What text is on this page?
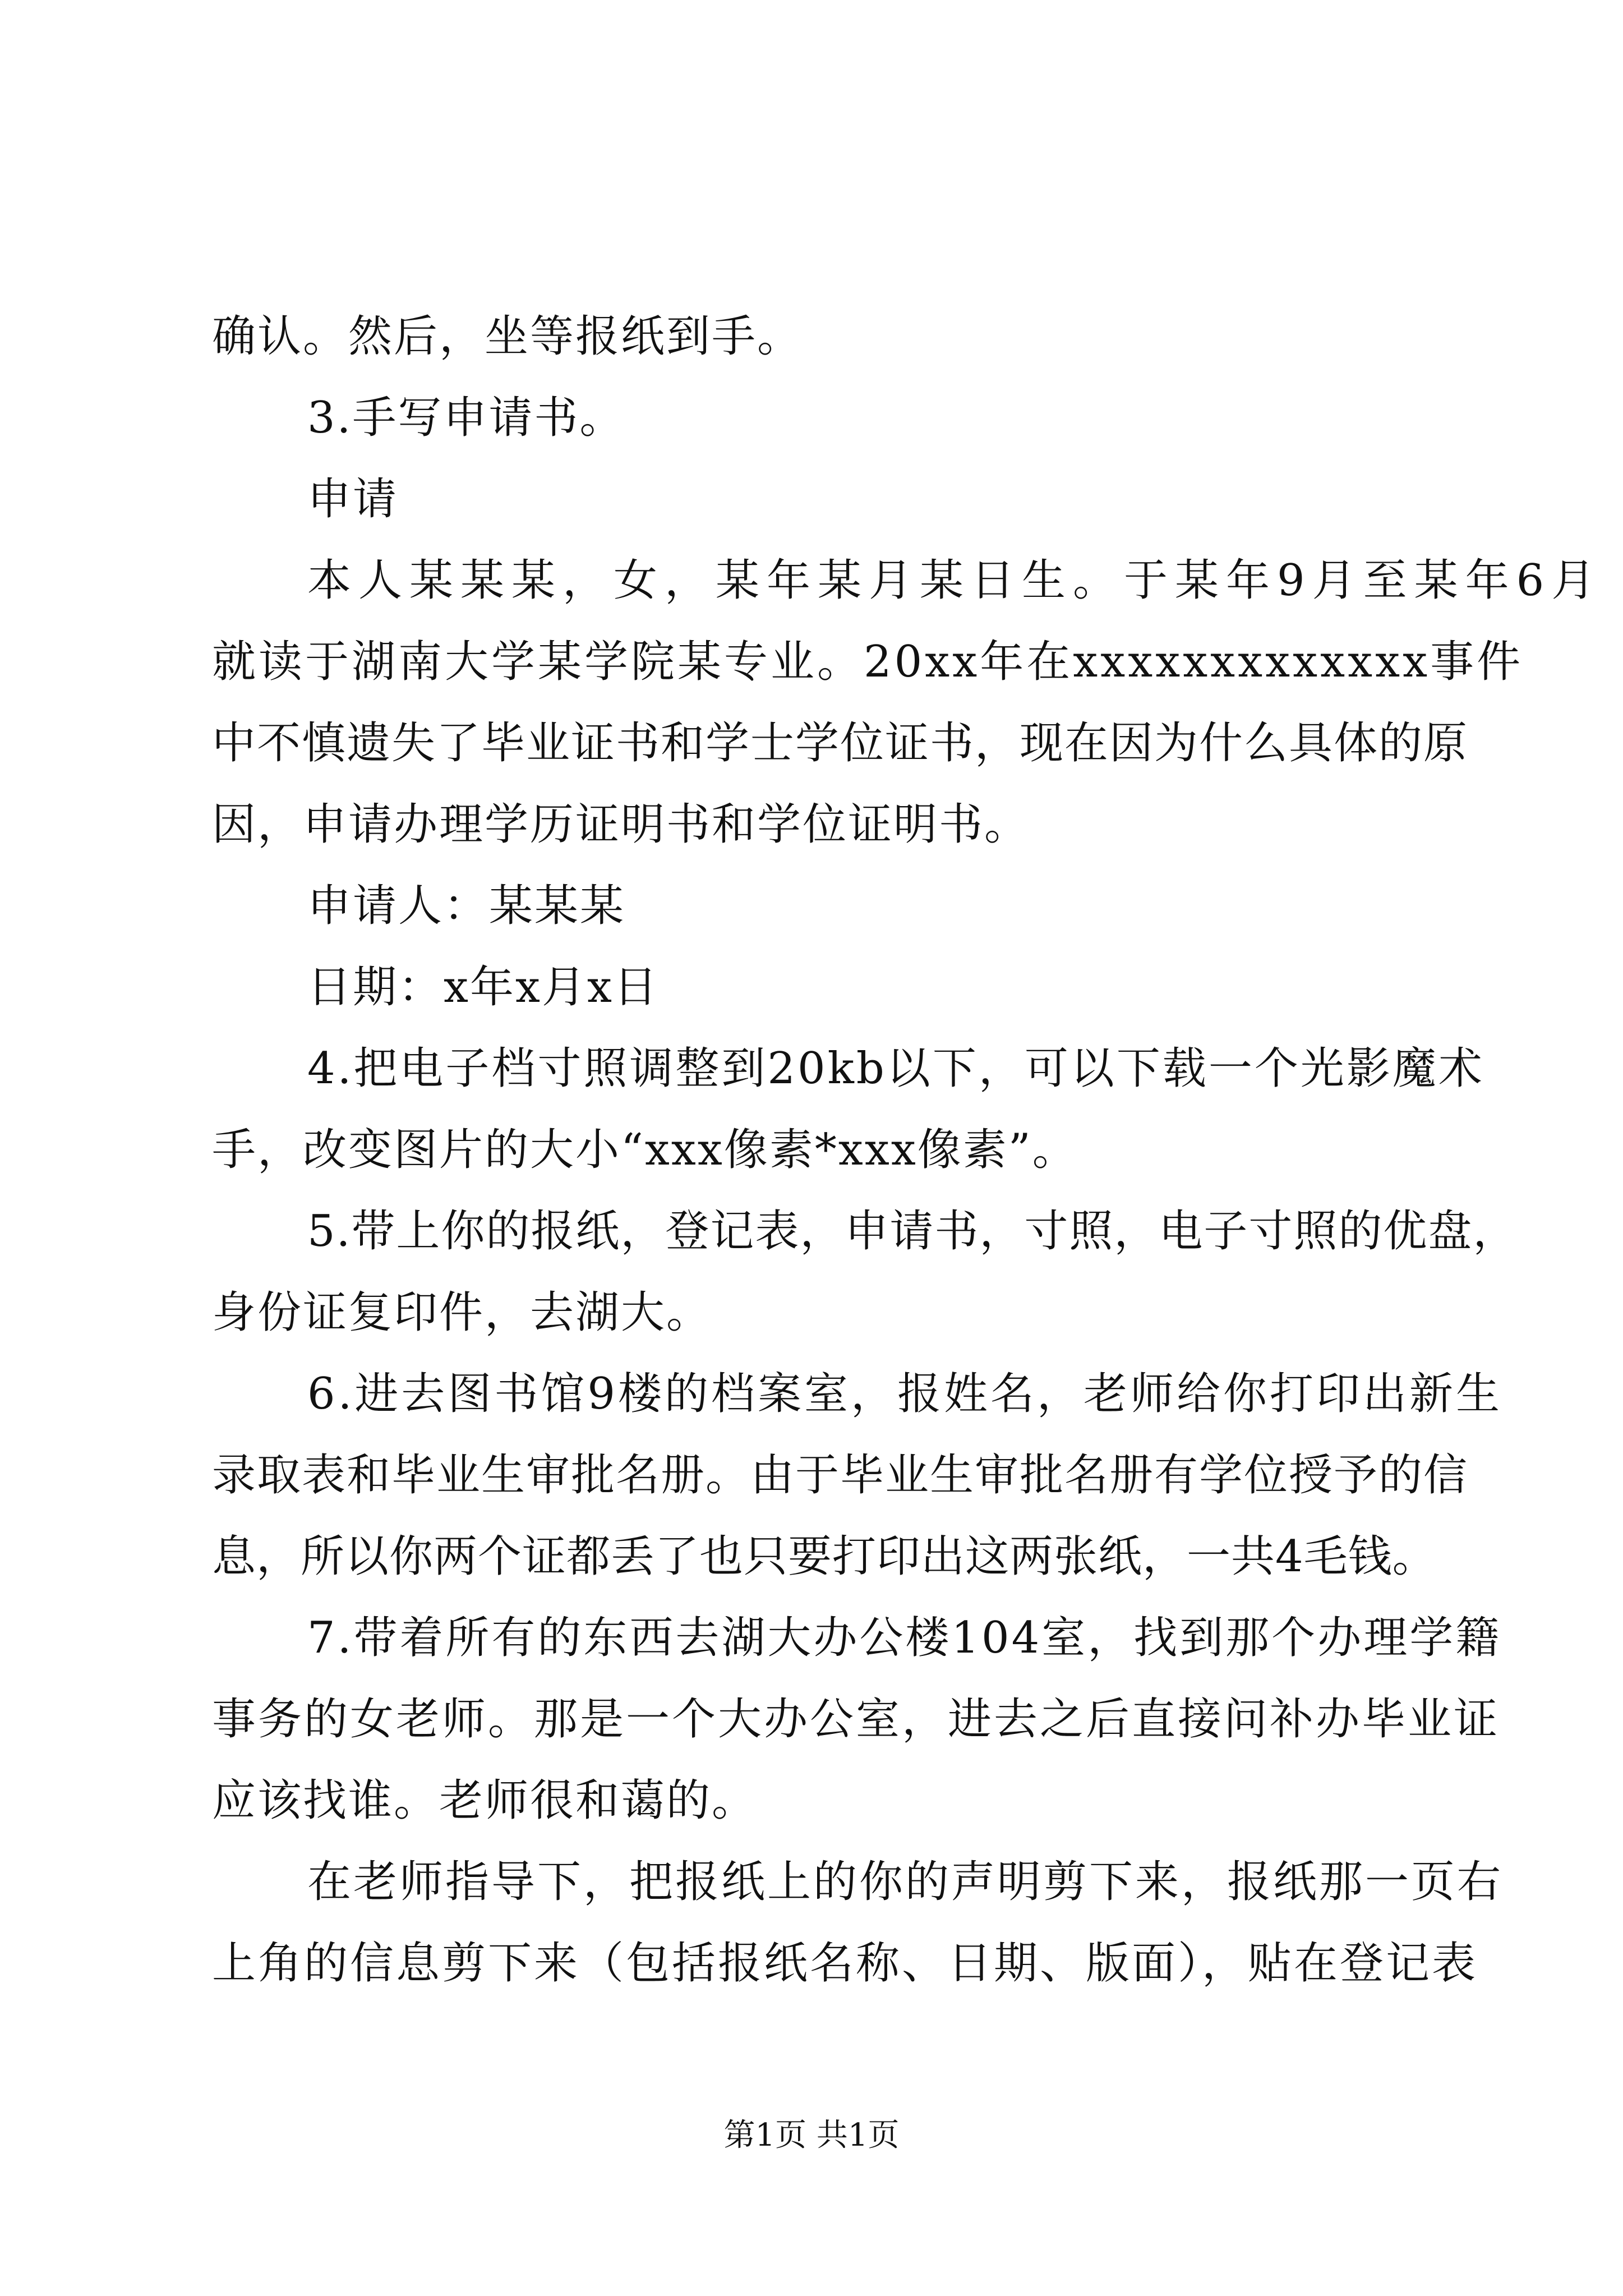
确认。然后，坐等报纸到手。
3.手写申请书。
申请
本人某某某，女，某年某月某日生。于某年9月至某年6月
就读于湖南大学某学院某专业。20xx年在xxxxxxxxxxxxx事件
中不慎遗失了毕业证书和学士学位证书，现在因为什么具体的原
因，申请办理学历证明书和学位证明书。
申请人：某某某
日期：x年x月x日
4.把电子档寸照调整到20kb以下，可以下载一个光影魔术
手，改变图片的大小“xxx像素*xxx像素”。
5.带上你的报纸，登记表，申请书，寸照，电子寸照的优盘，
身份证复印件，去湖大。
6.进去图书馆9楼的档案室，报姓名，老师给你打印出新生
录取表和毕业生审批名册。由于毕业生审批名册有学位授予的信
息，所以你两个证都丢了也只要打印出这两张纸，一共4毛钱。
7.带着所有的东西去湖大办公楼104室，找到那个办理学籍
事务的女老师。那是一个大办公室，进去之后直接问补办毕业证
应该找谁。老师很和蔼的。
在老师指导下，把报纸上的你的声明剪下来，报纸那一页右
上角的信息剪下来（包括报纸名称、日期、版面），贴在登记表
第1页 共1页
